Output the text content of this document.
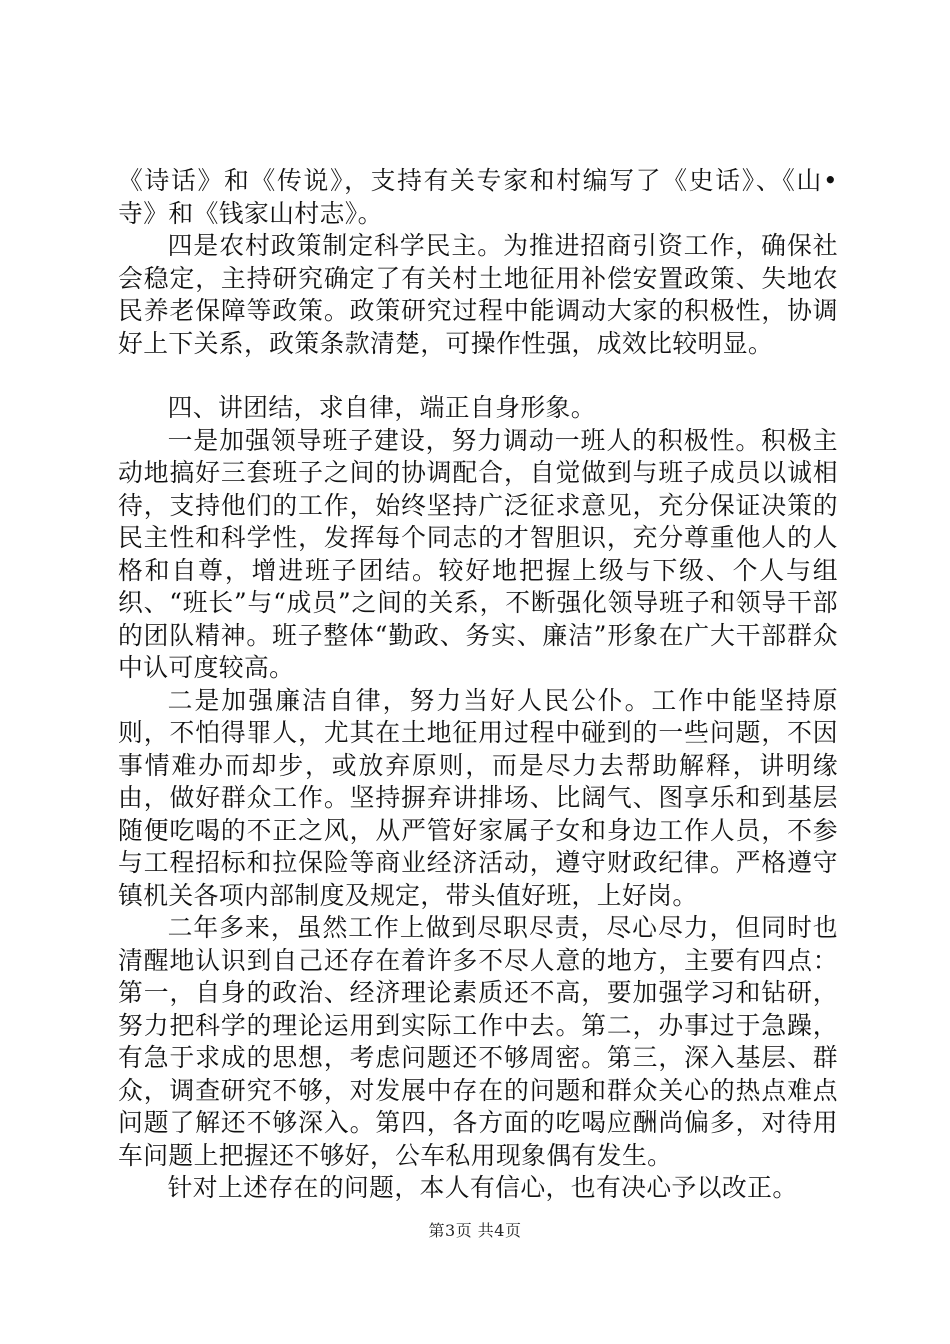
《诗话》和《传说》，支持有关专家和村编写了《史话》、《山•寺》和《钱家山村志》。

四是农村政策制定科学民主。为推进招商引资工作，确保社会稳定，主持研究确定了有关村土地征用补偿安置政策、失地农民养老保障等政策。政策研究过程中能调动大家的积极性，协调好上下关系，政策条款清楚，可操作性强，成效比较明显。

四、讲团结，求自律，端正自身形象。

一是加强领导班子建设，努力调动一班人的积极性。积极主动地搞好三套班子之间的协调配合，自觉做到与班子成员以诚相待，支持他们的工作，始终坚持广泛征求意见，充分保证决策的民主性和科学性，发挥每个同志的才智胆识，充分尊重他人的人格和自尊，增进班子团结。较好地把握上级与下级、个人与组织、“班长”与“成员”之间的关系，不断强化领导班子和领导干部的团队精神。班子整体“勤政、务实、廉洁”形象在广大干部群众中认可度较高。

二是加强廉洁自律，努力当好人民公仆。工作中能坚持原则，不怕得罪人，尤其在土地征用过程中碰到的一些问题，不因事情难办而却步，或放弃原则，而是尽力去帮助解释，讲明缘由，做好群众工作。坚持摒弃讲排场、比阔气、图享乐和到基层随便吃喝的不正之风，从严管好家属子女和身边工作人员，不参与工程招标和拉保险等商业经济活动，遵守财政纪律。严格遵守镇机关各项内部制度及规定，带头值好班，上好岗。

二年多来，虽然工作上做到尽职尽责，尽心尽力，但同时也清醒地认识到自己还存在着许多不尽人意的地方，主要有四点：第一，自身的政治、经济理论素质还不高，要加强学习和钻研，努力把科学的理论运用到实际工作中去。第二，办事过于急躁，有急于求成的思想，考虑问题还不够周密。第三，深入基层、群众，调查研究不够，对发展中存在的问题和群众关心的热点难点问题了解还不够深入。第四，各方面的吃喝应酬尚偏多，对待用车问题上把握还不够好，公车私用现象偶有发生。

针对上述存在的问题，本人有信心，也有决心予以改正。

第3页 共4页
